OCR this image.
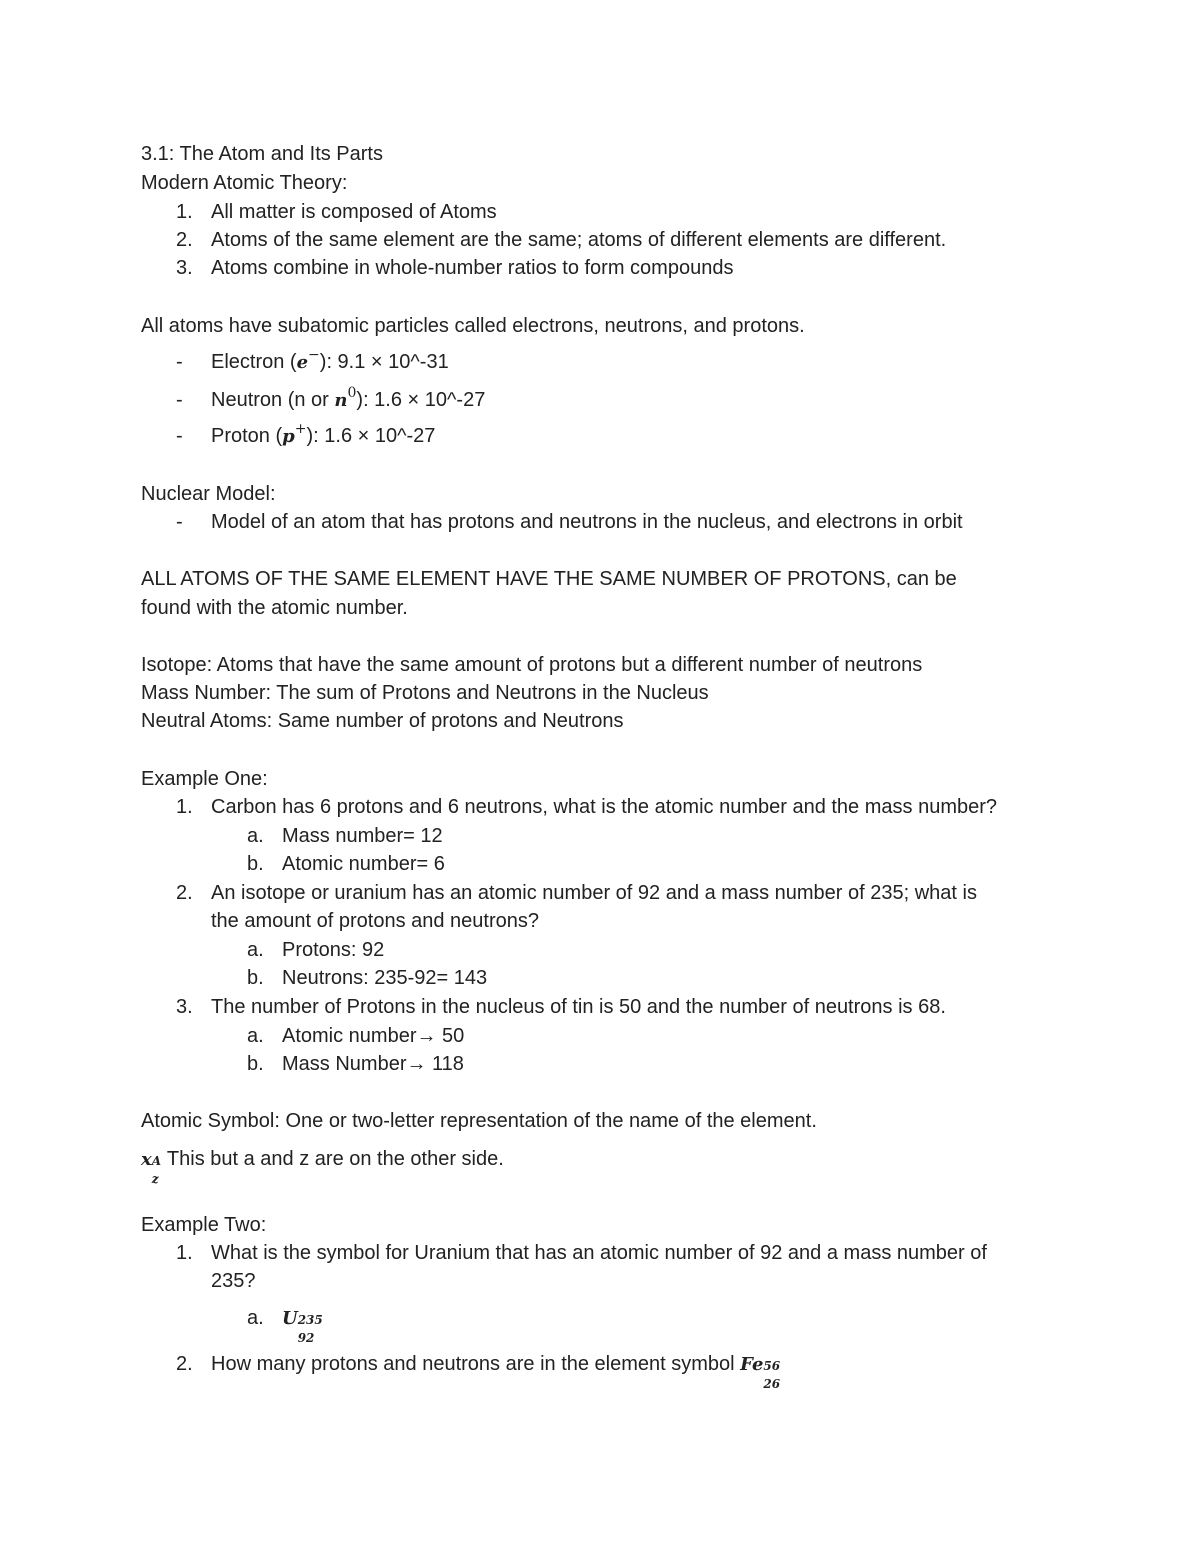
3.1: The Atom and Its Parts
Modern Atomic Theory:
1. All matter is composed of Atoms
2. Atoms of the same element are the same; atoms of different elements are different.
3. Atoms combine in whole-number ratios to form compounds
All atoms have subatomic particles called electrons, neutrons, and protons.
- Electron (e−): 9.1 × 10^-31
- Neutron (n or $n^0$): 1.6 × 10^-27
- Proton (p+): 1.6 × 10^-27
Nuclear Model:
- Model of an atom that has protons and neutrons in the nucleus, and electrons in orbit
ALL ATOMS OF THE SAME ELEMENT HAVE THE SAME NUMBER OF PROTONS, can be
found with the atomic number.
Isotope: Atoms that have the same amount of protons but a different number of neutrons
Mass Number: The sum of Protons and Neutrons in the Nucleus
Neutral Atoms: Same number of protons and Neutrons
Example One:
1. Carbon has 6 protons and 6 neutrons, what is the atomic number and the mass number?
a. Mass number= 12
b. Atomic number= 6
2. An isotope or uranium has an atomic number of 92 and a mass number of 235; what is
the amount of protons and neutrons?
a. Protons: 92
b. Neutrons: 235-92= 143
3. The number of Protons in the nucleus of tin is 50 and the number of neutrons is 68.
a. Atomic number→ 50
b. Mass Number→ 118
Atomic Symbol: One or two-letter representation of the name of the element.
x A
z
This but a and z are on the other side.
Example Two:
1. What is the symbol for Uranium that has an atomic number of 92 and a mass number of
235?
a. U 235
92
2. How many protons and neutrons are in the element symbol Fe 56
26
